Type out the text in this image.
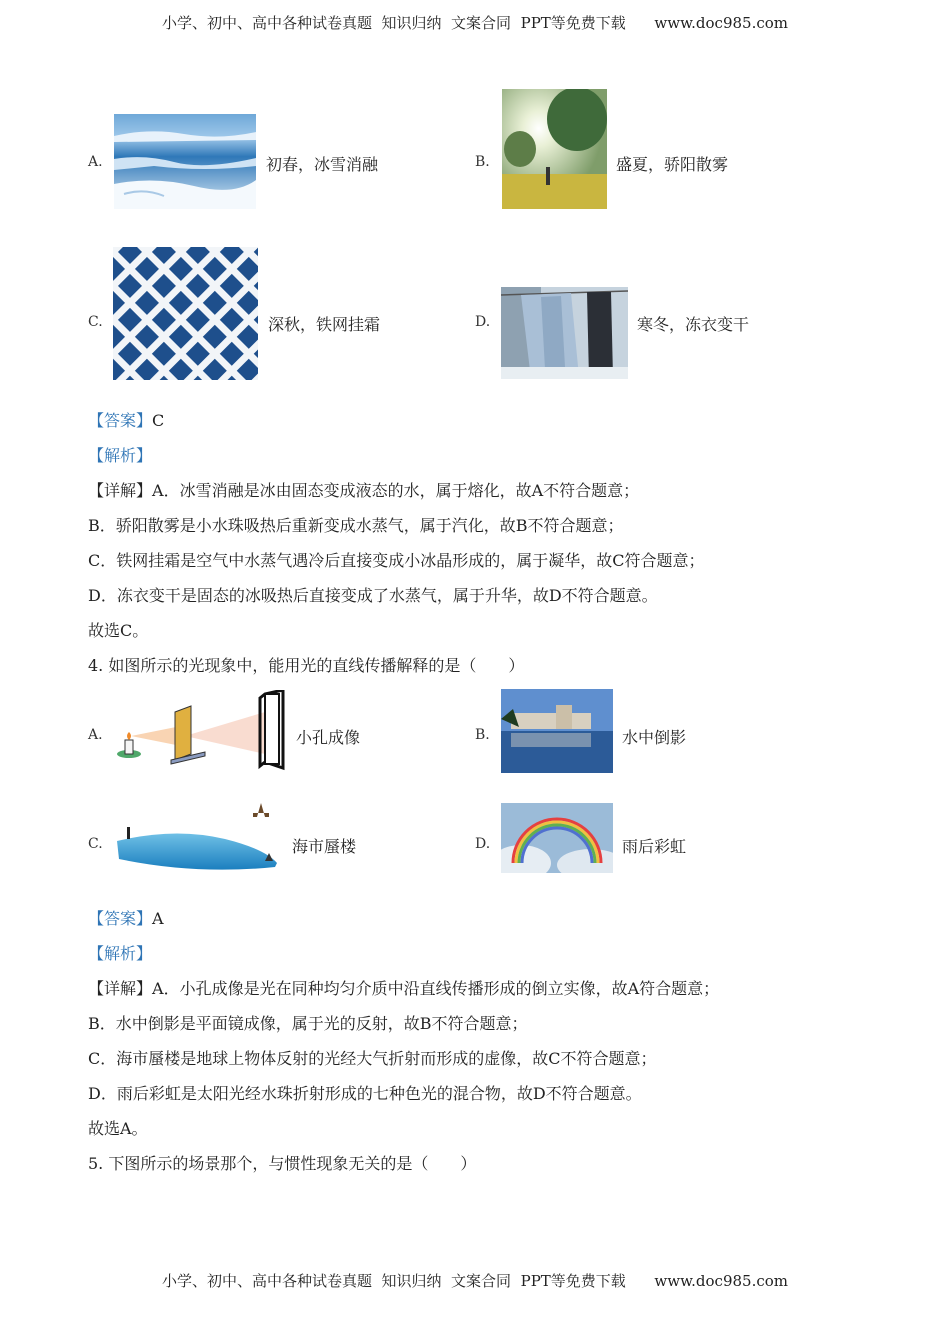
小学、初中、高中各种试卷真题  知识归纳  文案合同  PPT等免费下载 www.doc985.com
A.	初春，冰雪消融	B.	盛夏，骄阳散雾
C.	深秋，铁网挂霜	D.	寒冬，冻衣变干
【答案】C
【解析】
【详解】A．冰雪消融是冰由固态变成液态的水，属于熔化，故A不符合题意；
B．骄阳散雾是小水珠吸热后重新变成水蒸气，属于汽化，故B不符合题意；
C．铁网挂霜是空气中水蒸气遇冷后直接变成小冰晶形成的，属于凝华，故C符合题意；
D．冻衣变干是固态的冰吸热后直接变成了水蒸气，属于升华，故D不符合题意。
故选C。
4. 如图所示的光现象中，能用光的直线传播解释的是（　　）
A.	小孔成像	B.	水中倒影
C.	海市蜃楼	D.	雨后彩虹
【答案】A
【解析】
【详解】A．小孔成像是光在同种均匀介质中沿直线传播形成的倒立实像，故A符合题意；
B．水中倒影是平面镜成像，属于光的反射，故B不符合题意；
C．海市蜃楼是地球上物体反射的光经大气折射而形成的虚像，故C不符合题意；
D．雨后彩虹是太阳光经水珠折射形成的七种色光的混合物，故D不符合题意。
故选A。
5. 下图所示的场景那个，与惯性现象无关的是（　　）
小学、初中、高中各种试卷真题  知识归纳  文案合同  PPT等免费下载 www.doc985.com
